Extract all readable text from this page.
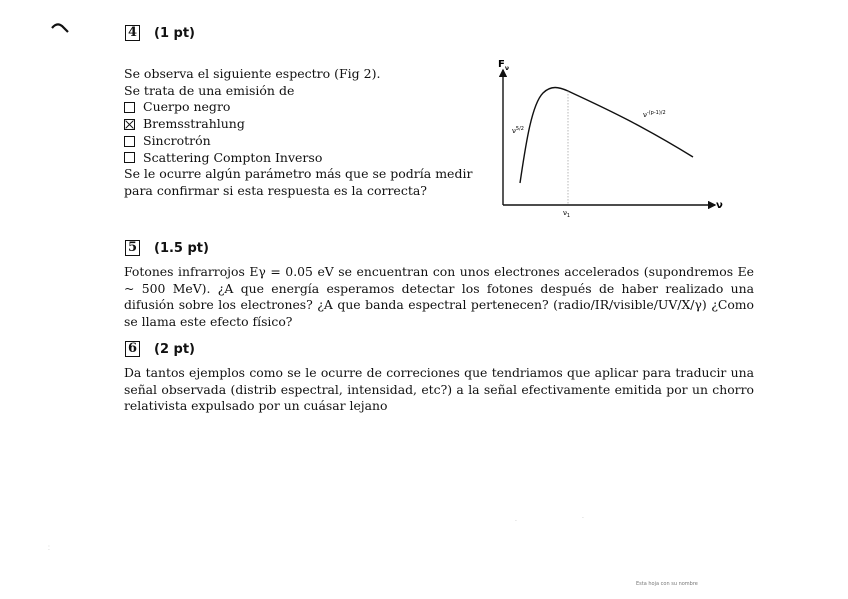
4 (1 pt)
Se observa el siguiente espectro (Fig 2).
Se trata de una emisión de
Cuerpo negro
Bremsstrahlung
Sincrotrón
Scattering Compton Inverso
Se le ocurre algún parámetro más que se podría medir
para confirmar si esta respuesta es la correcta?
$F_\nu$
ν
$\nu_1$
$\nu^{5/2}$
$\nu^{-(p-1)/2}$
5 (1.5 pt)
Fotones infrarrojos Eγ = 0.05 eV se encuentran con unos electrones accelerados (supondremos Ee ~ 500 MeV). ¿A que energía esperamos detectar los fotones después de haber realizado una difusión sobre los electrones? ¿A que banda espectral pertenecen? (radio/IR/visible/UV/X/γ) ¿Como se llama este efecto físico?
6 (2 pt)
Da tantos ejemplos como se le ocurre de correciones que tendriamos que aplicar para traducir una señal observada (distrib espectral, intensidad, etc?) a la señal efectivamente emitida por un chorro relativista expulsado por un cuásar lejano
⁚
·	·
Esta hoja con su nombre
